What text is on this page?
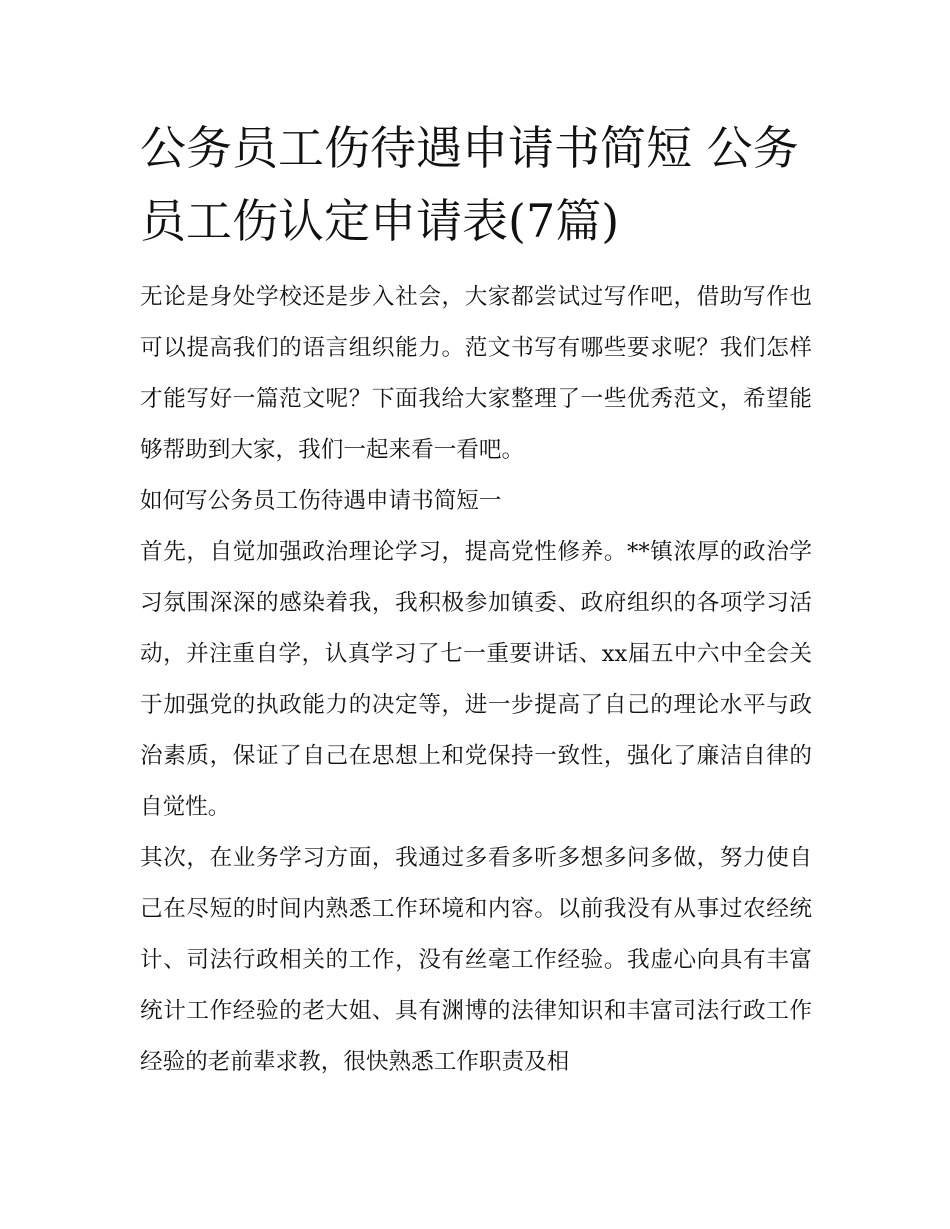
公务员工伤待遇申请书简短 公务员工伤认定申请表(7篇)

无论是身处学校还是步入社会，大家都尝试过写作吧，借助写作也可以提高我们的语言组织能力。范文书写有哪些要求呢？我们怎样才能写好一篇范文呢？下面我给大家整理了一些优秀范文，希望能够帮助到大家，我们一起来看一看吧。

如何写公务员工伤待遇申请书简短一

首先，自觉加强政治理论学习，提高党性修养。**镇浓厚的政治学习氛围深深的感染着我，我积极参加镇委、政府组织的各项学习活动，并注重自学，认真学习了七一重要讲话、xx届五中六中全会关于加强党的执政能力的决定等，进一步提高了自己的理论水平与政治素质，保证了自己在思想上和党保持一致性，强化了廉洁自律的自觉性。

其次，在业务学习方面，我通过多看多听多想多问多做，努力使自己在尽短的时间内熟悉工作环境和内容。以前我没有从事过农经统计、司法行政相关的工作，没有丝毫工作经验。我虚心向具有丰富统计工作经验的老大姐、具有渊博的法律知识和丰富司法行政工作经验的老前辈求教，很快熟悉工作职责及相
